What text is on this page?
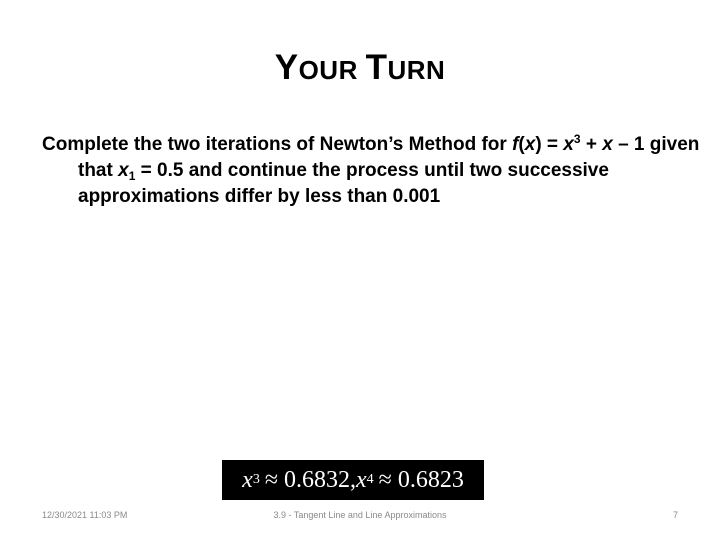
YOUR TURN
Complete the two iterations of Newton’s Method for $f(x) = x^3 + x - 1$ given that $x_1 = 0.5$ and continue the process until two successive approximations differ by less than 0.001
x 3 ≈ 0.6832, x 4 ≈ 0.6823
12/30/2021 11:03 PM	3.9 - Tangent Line and Line Approximations	7
